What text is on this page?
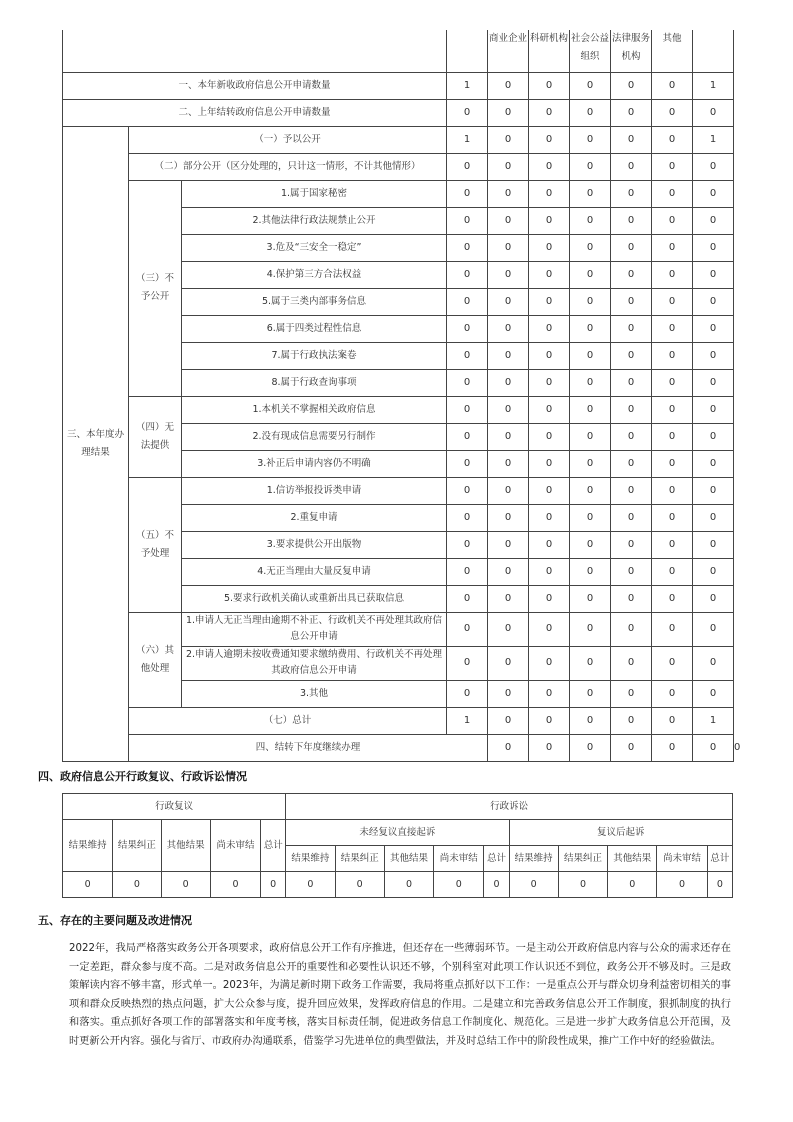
				商业企业	科研机构	社会公益组织	法律服务机构	其他		
一、本年新收政府信息公开申请数量			1	0	0	0	0	0	1	
二、上年结转政府信息公开申请数量			0	0	0	0	0	0	0	
三、本年度办理结果	（一）予以公开		1	0	0	0	0	0	1	
	（二）部分公开（区分处理的，只计这一情形，不计其他情形）		0	0	0	0	0	0	0	
	（三）不予公开	1.属于国家秘密	0	0	0	0	0	0	0	
		2.其他法律行政法规禁止公开	0	0	0	0	0	0	0	
		3.危及“三安全一稳定”	0	0	0	0	0	0	0	
		4.保护第三方合法权益	0	0	0	0	0	0	0	
		5.属于三类内部事务信息	0	0	0	0	0	0	0	
		6.属于四类过程性信息	0	0	0	0	0	0	0	
		7.属于行政执法案卷	0	0	0	0	0	0	0	
		8.属于行政查询事项	0	0	0	0	0	0	0	
	（四）无法提供	1.本机关不掌握相关政府信息	0	0	0	0	0	0	0	
		2.没有现成信息需要另行制作	0	0	0	0	0	0	0	
		3.补正后申请内容仍不明确	0	0	0	0	0	0	0	
	（五）不予处理	1.信访举报投诉类申请	0	0	0	0	0	0	0	
		2.重复申请	0	0	0	0	0	0	0	
		3.要求提供公开出版物	0	0	0	0	0	0	0	
		4.无正当理由大量反复申请	0	0	0	0	0	0	0	
		5.要求行政机关确认或重新出具已获取信息	0	0	0	0	0	0	0	
	（六）其他处理	1.申请人无正当理由逾期不补正、行政机关不再处理其政府信息公开申请	0	0	0	0	0	0	0	
		2.申请人逾期未按收费通知要求缴纳费用、行政机关不再处理其政府信息公开申请	0	0	0	0	0	0	0	
		3.其他	0	0	0	0	0	0	0	
	（七）总计		1	0	0	0	0	0	1	
	四、结转下年度继续办理			0	0	0	0	0	0	0
四、政府信息公开行政复议、行政诉讼情况
行政复议					行政诉讼									
结果维持	结果纠正	其他结果	尚未审结	总计	未经复议直接起诉					复议后起诉				
					结果维持	结果纠正	其他结果	尚未审结	总计	结果维持	结果纠正	其他结果	尚未审结	总计
0	0	0	0	0	0	0	0	0	0	0	0	0	0	0
五、存在的主要问题及改进情况

2022年，我局严格落实政务公开各项要求，政府信息公开工作有序推进，但还存在一些薄弱环节。一是主动公开政府信息内容与公众的需求还存在一定差距，群众参与度不高。二是对政务信息公开的重要性和必要性认识还不够，个别科室对此项工作认识还不到位，政务公开不够及时。三是政策解读内容不够丰富，形式单一。2023年，为满足新时期下政务工作需要，我局将重点抓好以下工作：一是重点公开与群众切身利益密切相关的事项和群众反映热烈的热点问题，扩大公众参与度，提升回应效果，发挥政府信息的作用。二是建立和完善政务信息公开工作制度，狠抓制度的执行和落实。重点抓好各项工作的部署落实和年度考核，落实目标责任制，促进政务信息工作制度化、规范化。三是进一步扩大政务信息公开范围，及时更新公开内容。强化与省厅、市政府办沟通联系，借鉴学习先进单位的典型做法，并及时总结工作中的阶段性成果，推广工作中好的经验做法。
